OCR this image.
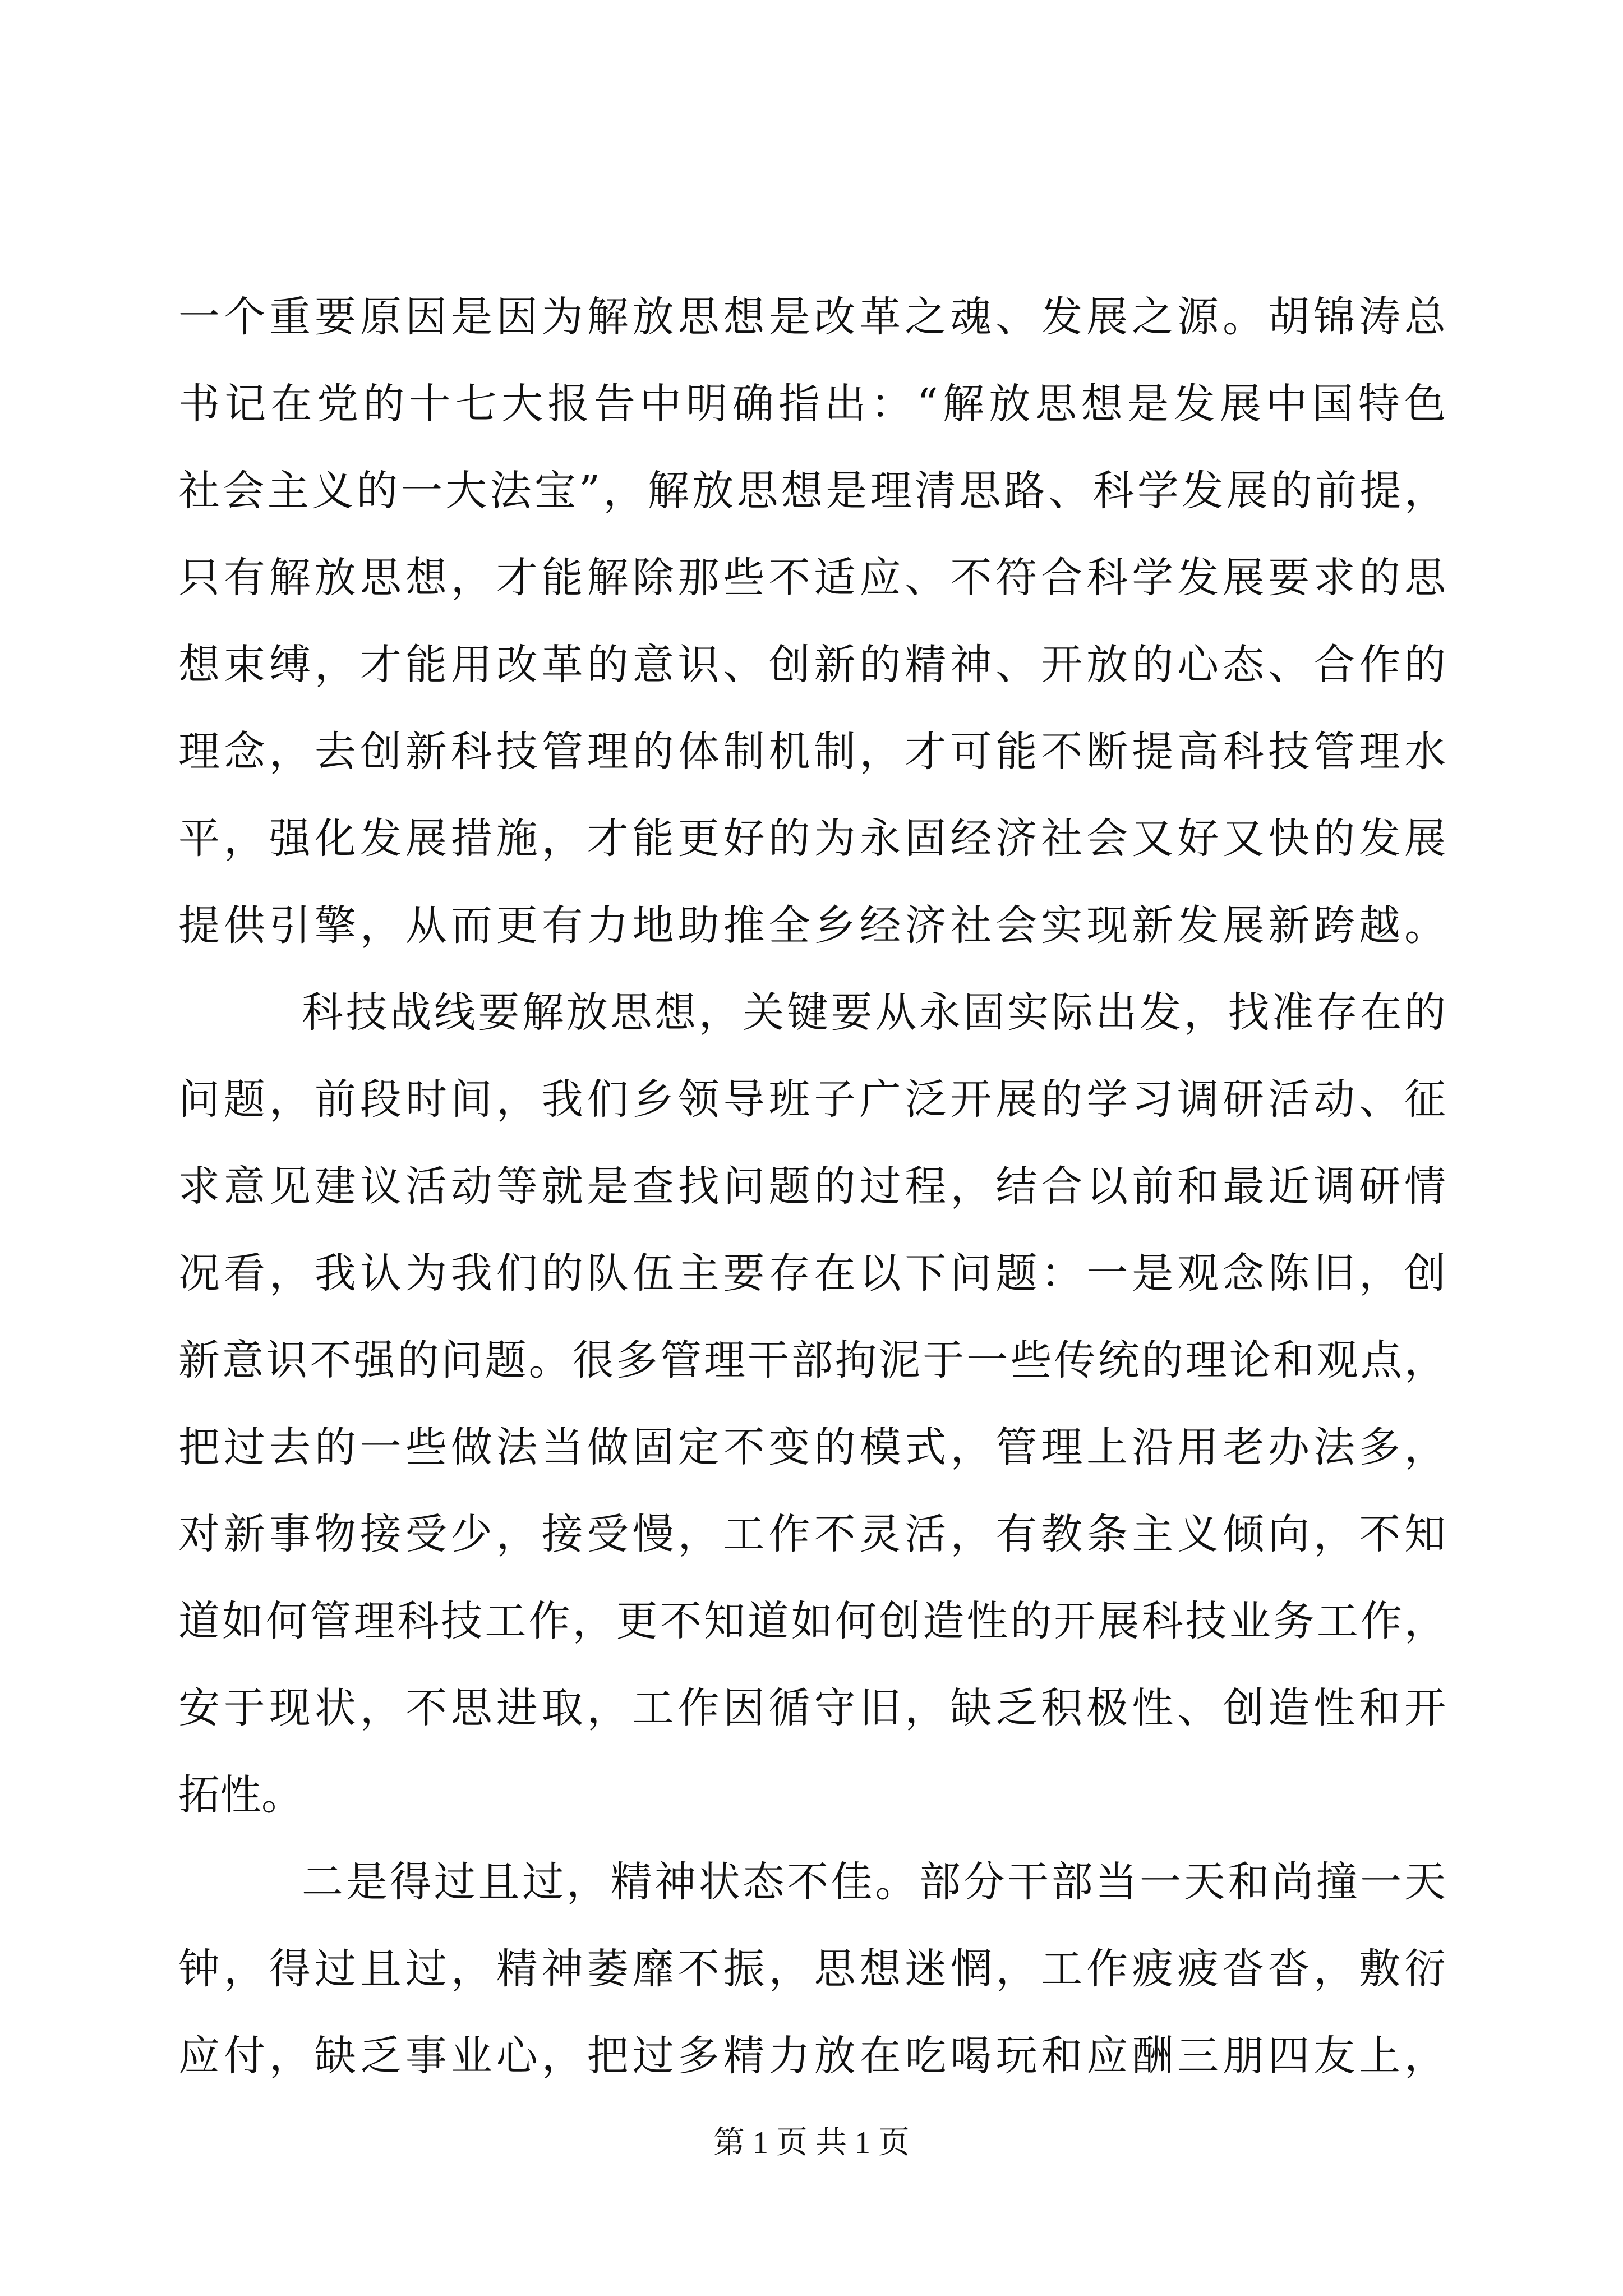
一个重要原因是因为解放思想是改革之魂、发展之源。胡锦涛总
书记在党的十七大报告中明确指出：“解放思想是发展中国特色
社会主义的一大法宝”，解放思想是理清思路、科学发展的前提，
只有解放思想，才能解除那些不适应、不符合科学发展要求的思
想束缚，才能用改革的意识、创新的精神、开放的心态、合作的
理念，去创新科技管理的体制机制，才可能不断提高科技管理水
平，强化发展措施，才能更好的为永固经济社会又好又快的发展
提供引擎，从而更有力地助推全乡经济社会实现新发展新跨越。
科技战线要解放思想，关键要从永固实际出发，找准存在的
问题，前段时间，我们乡领导班子广泛开展的学习调研活动、征
求意见建议活动等就是查找问题的过程，结合以前和最近调研情
况看，我认为我们的队伍主要存在以下问题：一是观念陈旧，创
新意识不强的问题。很多管理干部拘泥于一些传统的理论和观点，
把过去的一些做法当做固定不变的模式，管理上沿用老办法多，
对新事物接受少，接受慢，工作不灵活，有教条主义倾向，不知
道如何管理科技工作，更不知道如何创造性的开展科技业务工作，
安于现状，不思进取，工作因循守旧，缺乏积极性、创造性和开
拓性。
二是得过且过，精神状态不佳。部分干部当一天和尚撞一天
钟，得过且过，精神萎靡不振，思想迷惘，工作疲疲沓沓，敷衍
应付，缺乏事业心，把过多精力放在吃喝玩和应酬三朋四友上，
第 1 页 共 1 页
